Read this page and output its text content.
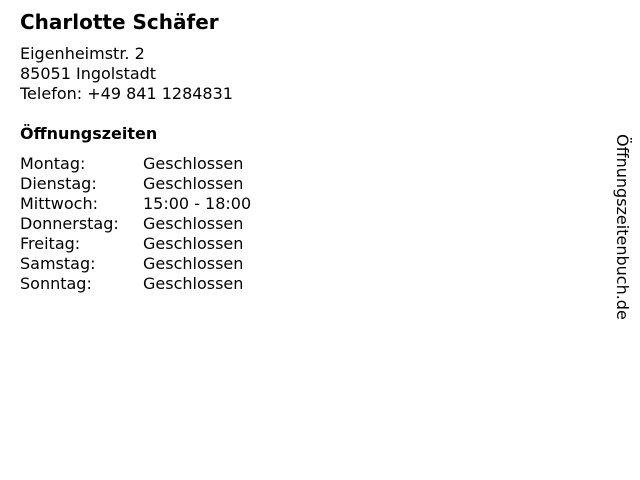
Charlotte Schäfer
Eigenheimstr. 2
85051 Ingolstadt
Telefon: +49 841 1284831
Öffnungszeiten
Montag:	Geschlossen
Dienstag:	Geschlossen
Mittwoch:	15:00 - 18:00
Donnerstag: Geschlossen
Freitag:	Geschlossen
Samstag:	Geschlossen
Sonntag:	Geschlossen	Öffnungszeitenbuch.de
